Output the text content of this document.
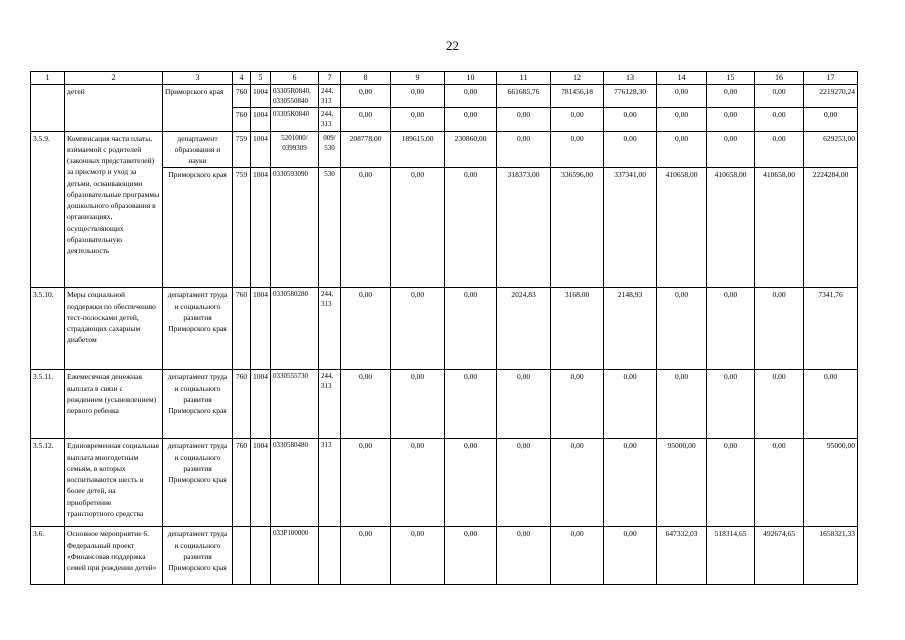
22
1	2	3	4	5	6	7	8	9	10	11	12	13	14	15	16	17
	детей	Приморского края	760	1004	03305R0840, 0330550840	244, 313	0,00	0,00	0,00	661685,76	781456,18	776128,30	0,00	0,00	0,00	2219270,24
			760	1004	03305К0840	244, 313	0,00	0,00	0,00	0,00	0,00	0,00	0,00	0,00	0,00	0,00
3.5.9.	Компенсация части платы, взимаемой с родителей (законных представителей) за присмотр и уход за детьми, осваивающими образовательные программы дошкольного образования в организациях, осуществляющих образовательную деятельность	департамент образования и науки	759	1004	5201000/ 0399309	009/ 530	208778,00	189615,00	230860,00	0,00	0,00	0,00	0,00	0,00	0,00	629253,00
		Приморского края	759	1004	0330593090	530	0,00	0,00	0,00	318373,00	336596,00	337341,00	410658,00	410658,00	410658,00	2224284,00
3.5.10.	Меры социальной поддержки по обеспечению тест-полосками детей, страдающих сахарным диабетом	департамент труда и социального развития Приморского края	760	1004	0330580280	244, 313	0,00	0,00	0,00	2024,83	3168,00	2148,93	0,00	0,00	0,00	7341,76
3.5.11.	Ежемесячная денежная выплата в связи с рождением (усыновлением) первого ребенка	департамент труда и социального развития Приморского края	760	1004	0330555730	244, 313	0,00	0,00	0,00	0,00	0,00	0,00	0,00	0,00	0,00	0,00
3.5.12.	Единовременная социальная выплата многодетным семьям, в которых воспитываются шесть и более детей, на приобретение транспортного средства	департамент труда и социального развития Приморского края	760	1004	0330580480	313	0,00	0,00	0,00	0,00	0,00	0,00	95000,00	0,00	0,00	95000,00
3.6.	Основное мероприятие 6. Федеральный проект «Финансовая поддержка семей при рождении детей»	департамент труда и социального развития Приморского края			033P100000		0,00	0,00	0,00	0,00	0,00	0,00	647332,03	518314,65	492674,65	1658321,33
